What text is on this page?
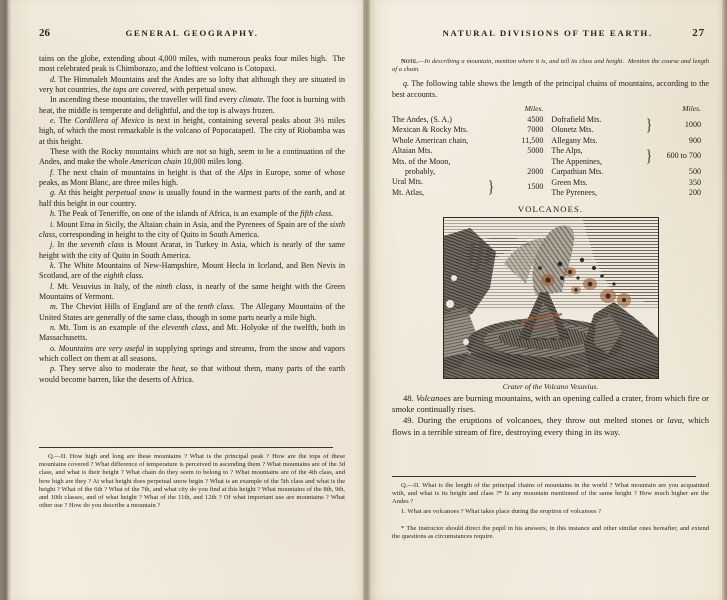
26	GENERAL GEOGRAPHY.

tains on the globe, extending about 4,000 miles, with numerous peaks four miles high.  The most celebrated peak is Chimborazo, and the loftiest volcano is Cotopaxi.

d. The Himmaleh Mountains and the Andes are so lofty that although they are situated in very hot countries, the tops are covered, with perpetual snow.

In ascending these mountains, the traveller will find every climate. The foot is burning with heat, the middle is temperate and delightful, and the top is always frozen.

e. The Cordillera of Mexico is next in height, containing several peaks about 3½ miles high, of which the most remarkable is the volcano of Popocatapetl.  The city of Riobamba was at this height.

These with the Rocky mountains which are not so high, seem to be a continuation of the Andes, and make the whole American chain 10,000 miles long.

f. The next chain of mountains in height is that of the Alps in Europe, some of whose peaks, as Mont Blanc, are three miles high.

g. At this height perpetual snow is usually found in the warmest parts of the earth, and at half this height in our country.

h. The Peak of Teneriffe, on one of the islands of Africa, is an example of the fifth class.

i. Mount Etna in Sicily, the Altaian chain in Asia, and the Pyrenees of Spain are of the sixth class, corresponding in height to the city of Quito in South America.

j. In the seventh class is Mount Ararat, in Turkey in Asia, which is nearly of the same height with the city of Quito in South America.

k. The White Mountains of New-Hampshire, Mount Hecla in Iceland, and Ben Nevis in Scotland, are of the eighth class.

l. Mt. Vesuvius in Italy, of the ninth class, is nearly of the same height with the Green Mountains of Vermont.

m. The Cheviot Hills of England are of the tenth class.  The Allegany Mountains of the United States are generally of the same class, though in some parts nearly a mile high.

n. Mt. Tom is an example of the eleventh class, and Mt. Holyoke of the twelfth, both in Massachusetts.

o. Mountains are very useful in supplying springs and streams, from the snow and vapors which collect on them at all seasons.

p. They serve also to moderate the heat, so that without them, many parts of the earth would become barren, like the deserts of Africa.

Q.—II. How high and long are these mountains ? What is the principal peak ? How are the tops of these mountains covered ? What difference of temperature is perceived in ascending them ? What mountains are of the 3d class, and what is their height ? What chain do they seem to belong to ? What mountains are of the 4th class, and how high are they ? At what height does perpetual snow begin ? What is an example of the 5th class and what is the height ? What of the 6th ? What of the 7th, and what city do you find at this height ? What mountains of the 8th, 9th, and 10th classes, and of what height ? What of the 11th, and 12th ? Of what important use are mountains ? What other use ? How do you describe a mountain ?

NATURAL DIVISIONS OF THE EARTH.	27

Note.—In describing a mountain, mention where it is, and tell its class and height.  Mention the course and length of a chain.

q. The following table shows the length of the principal chains of mountains, according to the best accounts.

Miles.
The Andes, (S. A.)	4500
Mexican & Rocky Mts.	7000
Whole American chain,	11,500
Altaian Mts.	5000
Mts. of the Moon,
probably,	2000
Ural Mts.
Mt. Atlas,	}	1500
Miles.
Dofrafield Mts.
Olonetz Mts.	}	1000
Allegany Mts.	900
The Alps,
The Appenines,	}	600 to 700
Carpathian Mts.	500
Green Mts.	350
The Pyrenees,	200
VOLCANOES.
Crater of the Volcano Vesuvius.

48. Volcanoes are burning mountains, with an opening called a crater, from which fire or smoke continually rises.

49. During the eruptions of volcanoes, they throw out melted stones or lava, which flows in a terrible stream of fire, destroying every thing in its way.

Q.—II. What is the length of the principal chains of mountains in the world ? What mountain are you acquainted with, and what is its height and class ?* Is any mountain mentioned of the same height ? How much higher are the Andes ?

1. What are volcanoes ? What takes place during the eruption of volcanoes ?

* The instructor should direct the pupil in his answers, in this instance and other similar ones hereafter, and extend the questions as circumstances require.
